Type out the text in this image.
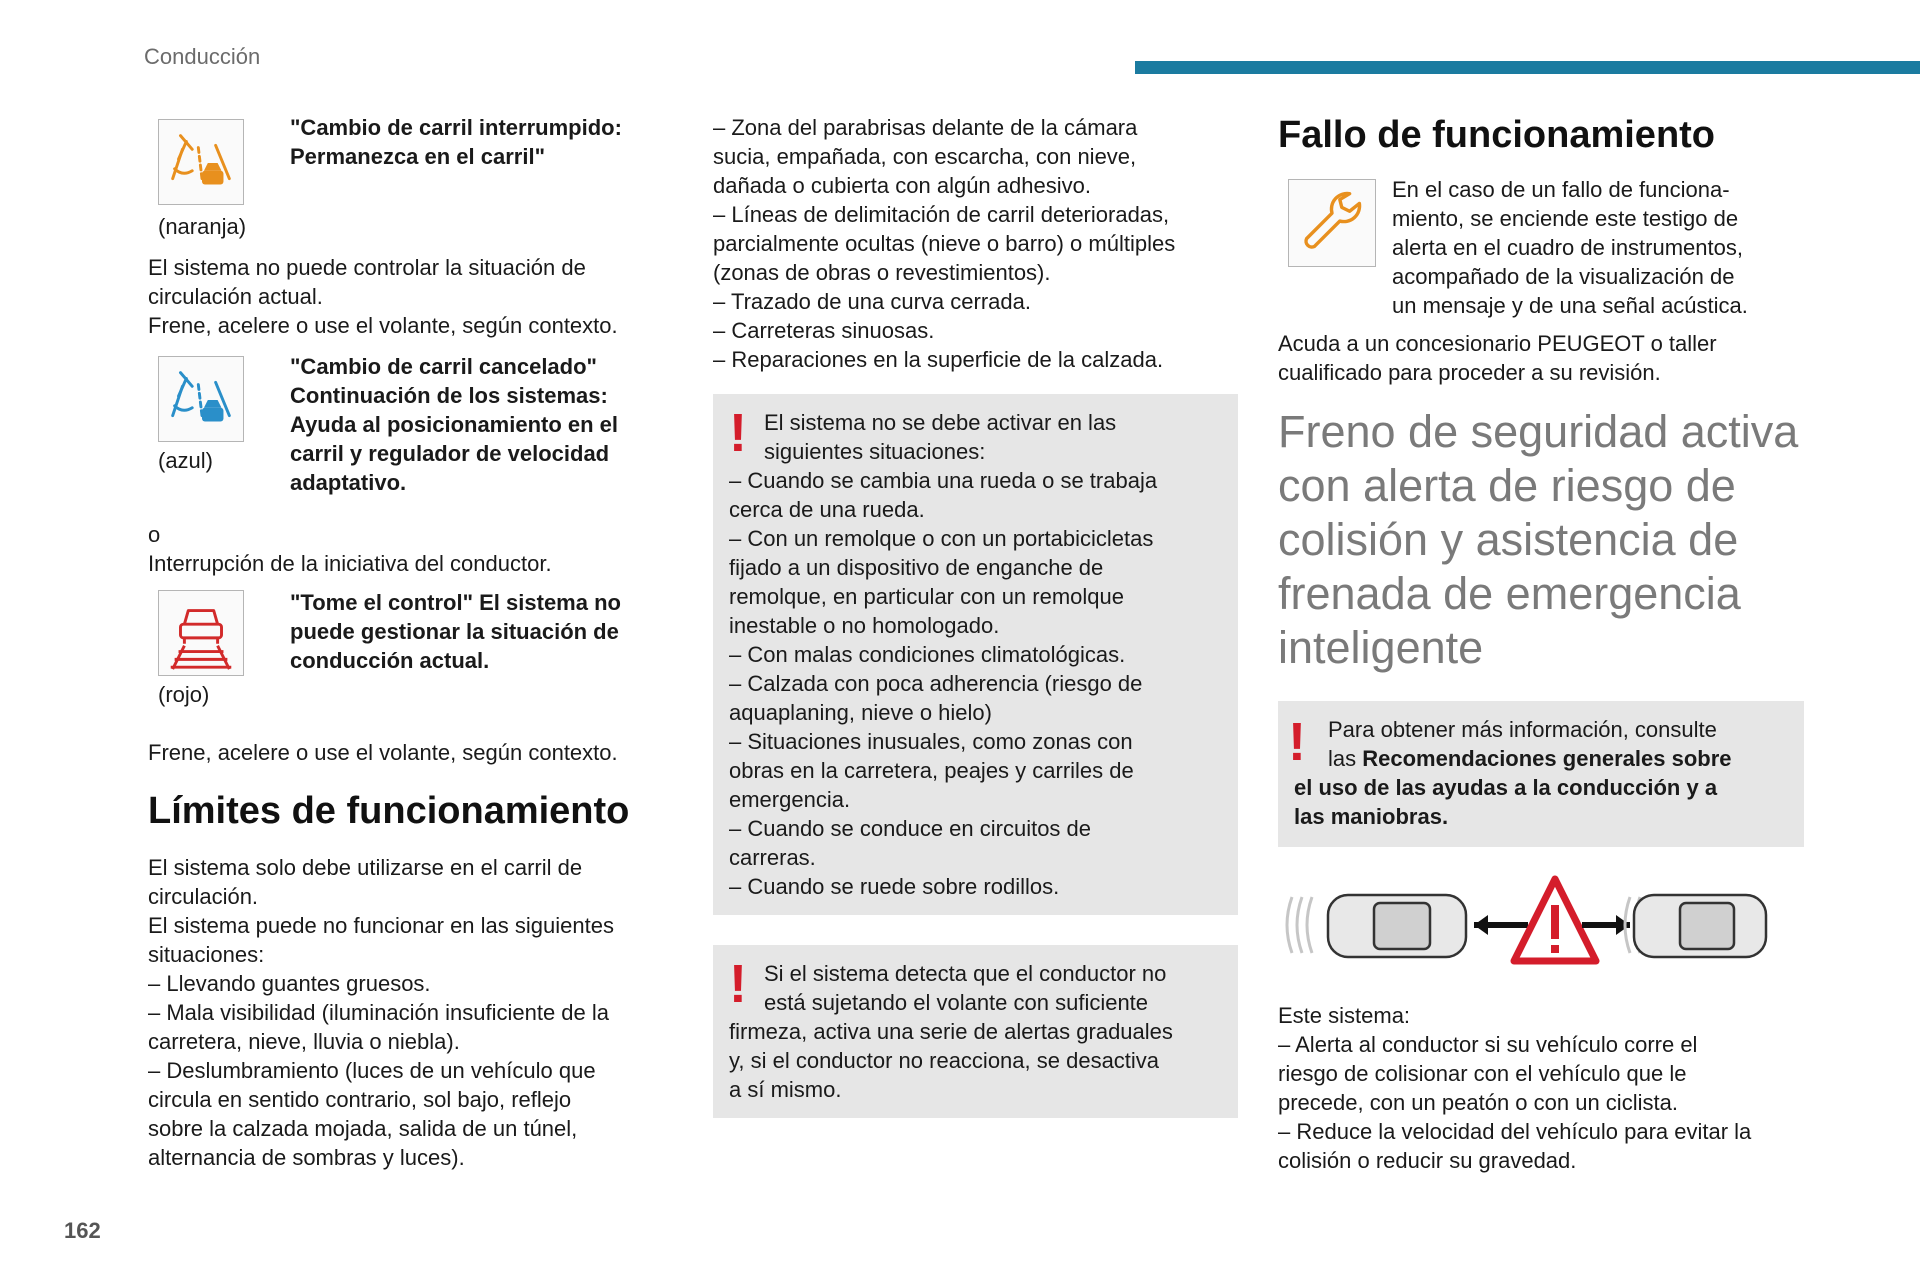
Conducción
(naranja)
"Cambio de carril interrumpido:
Permanezca en el carril"

El sistema no puede controlar la situación de

circulación actual.

Frene, acelere o use el volante, según contexto.

(azul)
"Cambio de carril cancelado"
Continuación de los sistemas:
Ayuda al posicionamiento en el
carril y regulador de velocidad
adaptativo.

o

Interrupción de la iniciativa del conductor.

(rojo)
"Tome el control" El sistema no
puede gestionar la situación de
conducción actual.

Frene, acelere o use el volante, según contexto.

Límites de funcionamiento

El sistema solo debe utilizarse en el carril de

circulación.

El sistema puede no funcionar en las siguientes

situaciones:

– Llevando guantes gruesos.

– Mala visibilidad (iluminación insuficiente de la

carretera, nieve, lluvia o niebla).

– Deslumbramiento (luces de un vehículo que

circula en sentido contrario, sol bajo, reflejo

sobre la calzada mojada, salida de un túnel,

alternancia de sombras y luces).

– Zona del parabrisas delante de la cámara

sucia, empañada, con escarcha, con nieve,

dañada o cubierta con algún adhesivo.

– Líneas de delimitación de carril deterioradas,

parcialmente ocultas (nieve o barro) o múltiples

(zonas de obras o revestimientos).

– Trazado de una curva cerrada.

– Carreteras sinuosas.

– Reparaciones en la superficie de la calzada.

! El sistema no se debe activar en las

siguientes situaciones:

– Cuando se cambia una rueda o se trabaja

cerca de una rueda.

– Con un remolque o con un portabicicletas

fijado a un dispositivo de enganche de

remolque, en particular con un remolque

inestable o no homologado.

– Con malas condiciones climatológicas.

– Calzada con poca adherencia (riesgo de

aquaplaning, nieve o hielo)

– Situaciones inusuales, como zonas con

obras en la carretera, peajes y carriles de

emergencia.

– Cuando se conduce en circuitos de

carreras.

– Cuando se ruede sobre rodillos.

! Si el sistema detecta que el conductor no

está sujetando el volante con suficiente

firmeza, activa una serie de alertas graduales

y, si el conductor no reacciona, se desactiva

a sí mismo.

Fallo de funcionamiento

En el caso de un fallo de funciona-

miento, se enciende este testigo de

alerta en el cuadro de instrumentos,

acompañado de la visualización de

un mensaje y de una señal acústica.

Acuda a un concesionario PEUGEOT o taller

cualificado para proceder a su revisión.

Freno de seguridad activa
con alerta de riesgo de
colisión y asistencia de
frenada de emergencia
inteligente
!	Para obtener más información, consulte

las Recomendaciones generales sobre

el uso de las ayudas a la conducción y a

las maniobras.

Este sistema:

– Alerta al conductor si su vehículo corre el

riesgo de colisionar con el vehículo que le

precede, con un peatón o con un ciclista.

– Reduce la velocidad del vehículo para evitar la

colisión o reducir su gravedad.

162
